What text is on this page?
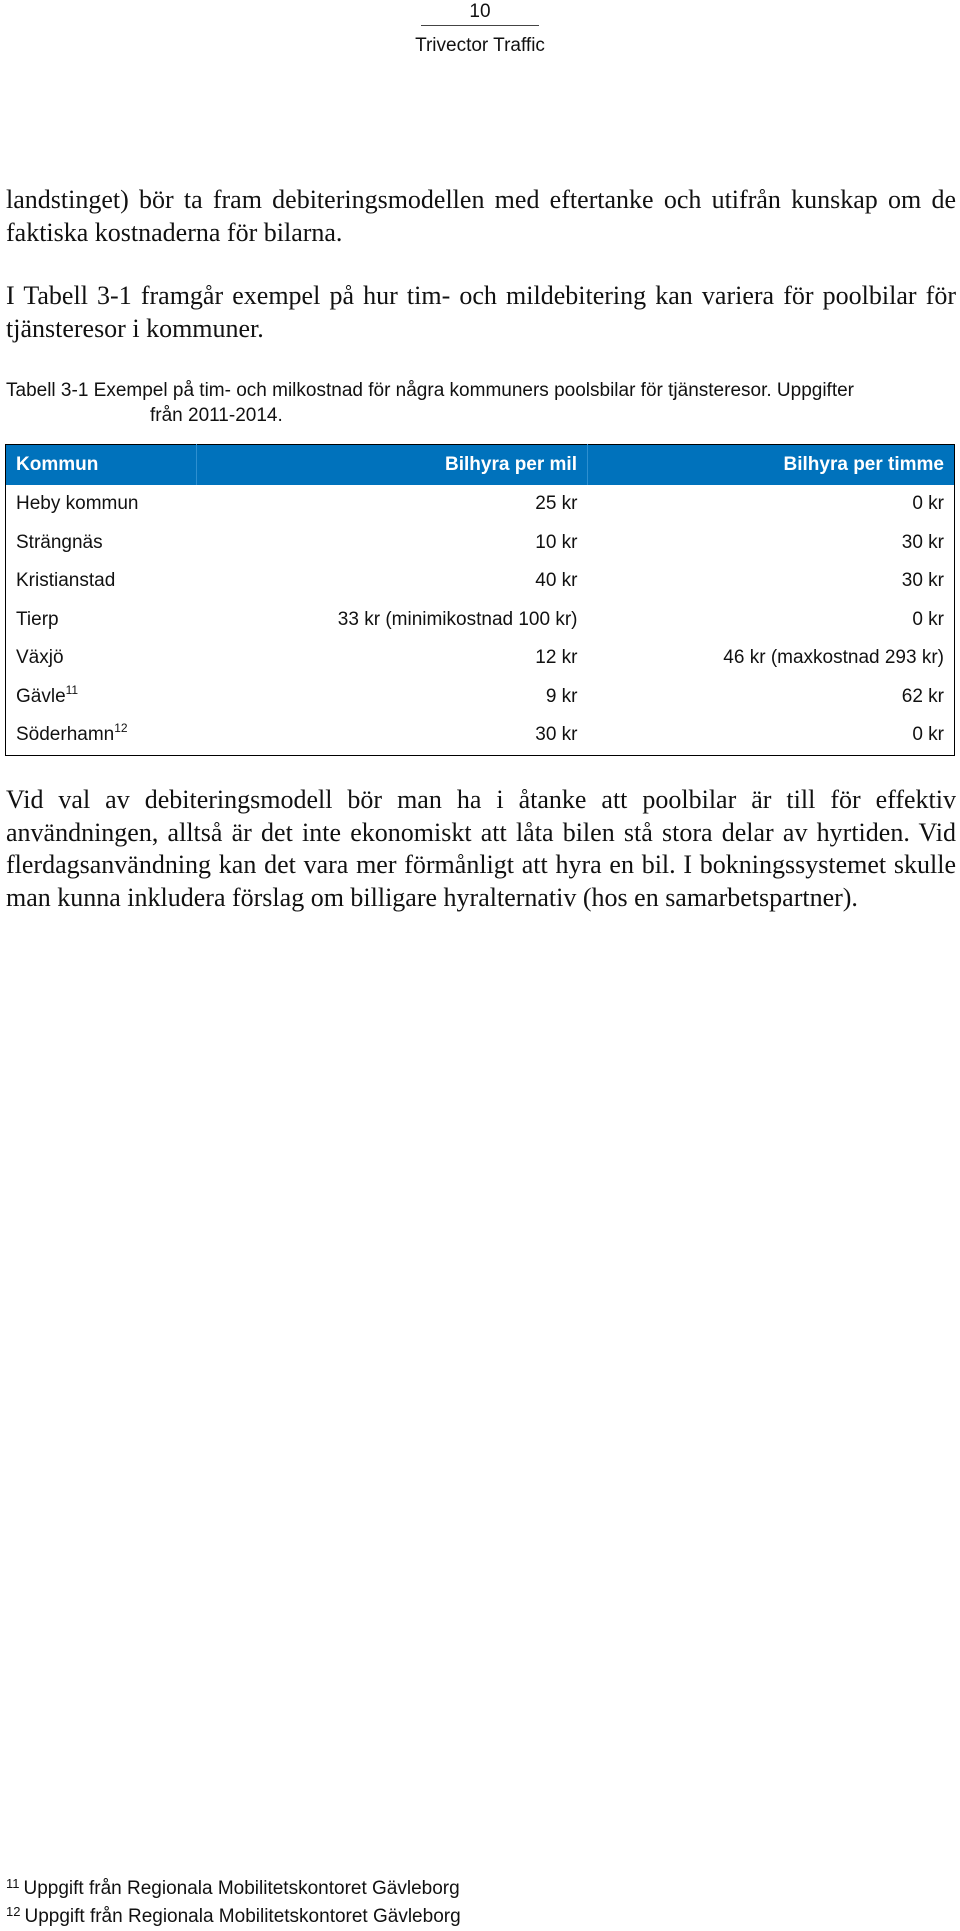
10
Trivector Traffic

landstinget) bör ta fram debiteringsmodellen med eftertanke och utifrån kunskap om de faktiska kostnaderna för bilarna.

I Tabell 3-1 framgår exempel på hur tim- och mildebitering kan variera för poolbilar för tjänsteresor i kommuner.

Tabell 3-1 Exempel på tim- och milkostnad för några kommuners poolsbilar för tjänsteresor. Uppgifter
från 2011-2014.
Kommun	Bilhyra per mil	Bilhyra per timme
Heby kommun	25 kr	0 kr
Strängnäs	10 kr	30 kr
Kristianstad	40 kr	30 kr
Tierp	33 kr (minimikostnad 100 kr)	0 kr
Växjö	12 kr	46 kr (maxkostnad 293 kr)
Gävle$^{11}$	9 kr	62 kr
Söderhamn$^{12}$	30 kr	0 kr

Vid val av debiteringsmodell bör man ha i åtanke att poolbilar är till för effektiv användningen, alltså är det inte ekonomiskt att låta bilen stå stora delar av hyrtiden. Vid flerdagsanvändning kan det vara mer förmånligt att hyra en bil. I bokningssystemet skulle man kunna inkludera förslag om billigare hyralternativ (hos en samarbetspartner).

$^{11}$ Uppgift från Regionala Mobilitetskontoret Gävleborg
$^{12}$ Uppgift från Regionala Mobilitetskontoret Gävleborg
